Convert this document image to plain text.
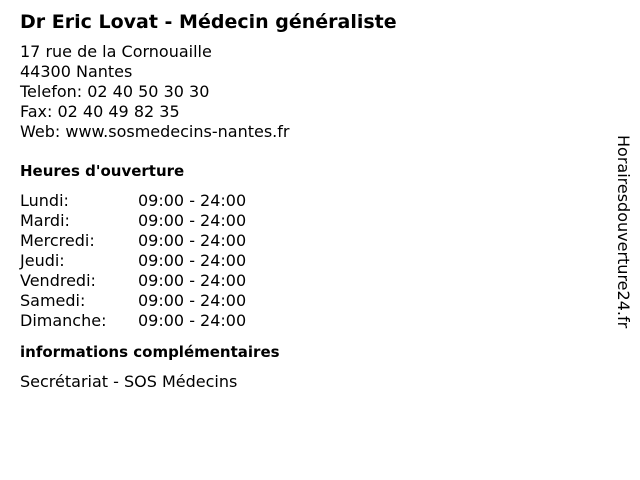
Dr Eric Lovat - Médecin généraliste
17 rue de la Cornouaille
44300 Nantes
Telefon: 02 40 50 30 30
Fax: 02 40 49 82 35
Web: www.sosmedecins-nantes.fr
Heures d'ouverture
Lundi:	09:00 - 24:00
Mardi:	09:00 - 24:00
Mercredi:	09:00 - 24:00
Jeudi:	09:00 - 24:00
Vendredi:	09:00 - 24:00
Samedi:	09:00 - 24:00
Dimanche:	09:00 - 24:00
informations complémentaires
Secrétariat - SOS Médecins
Horairesdouverture24.fr
